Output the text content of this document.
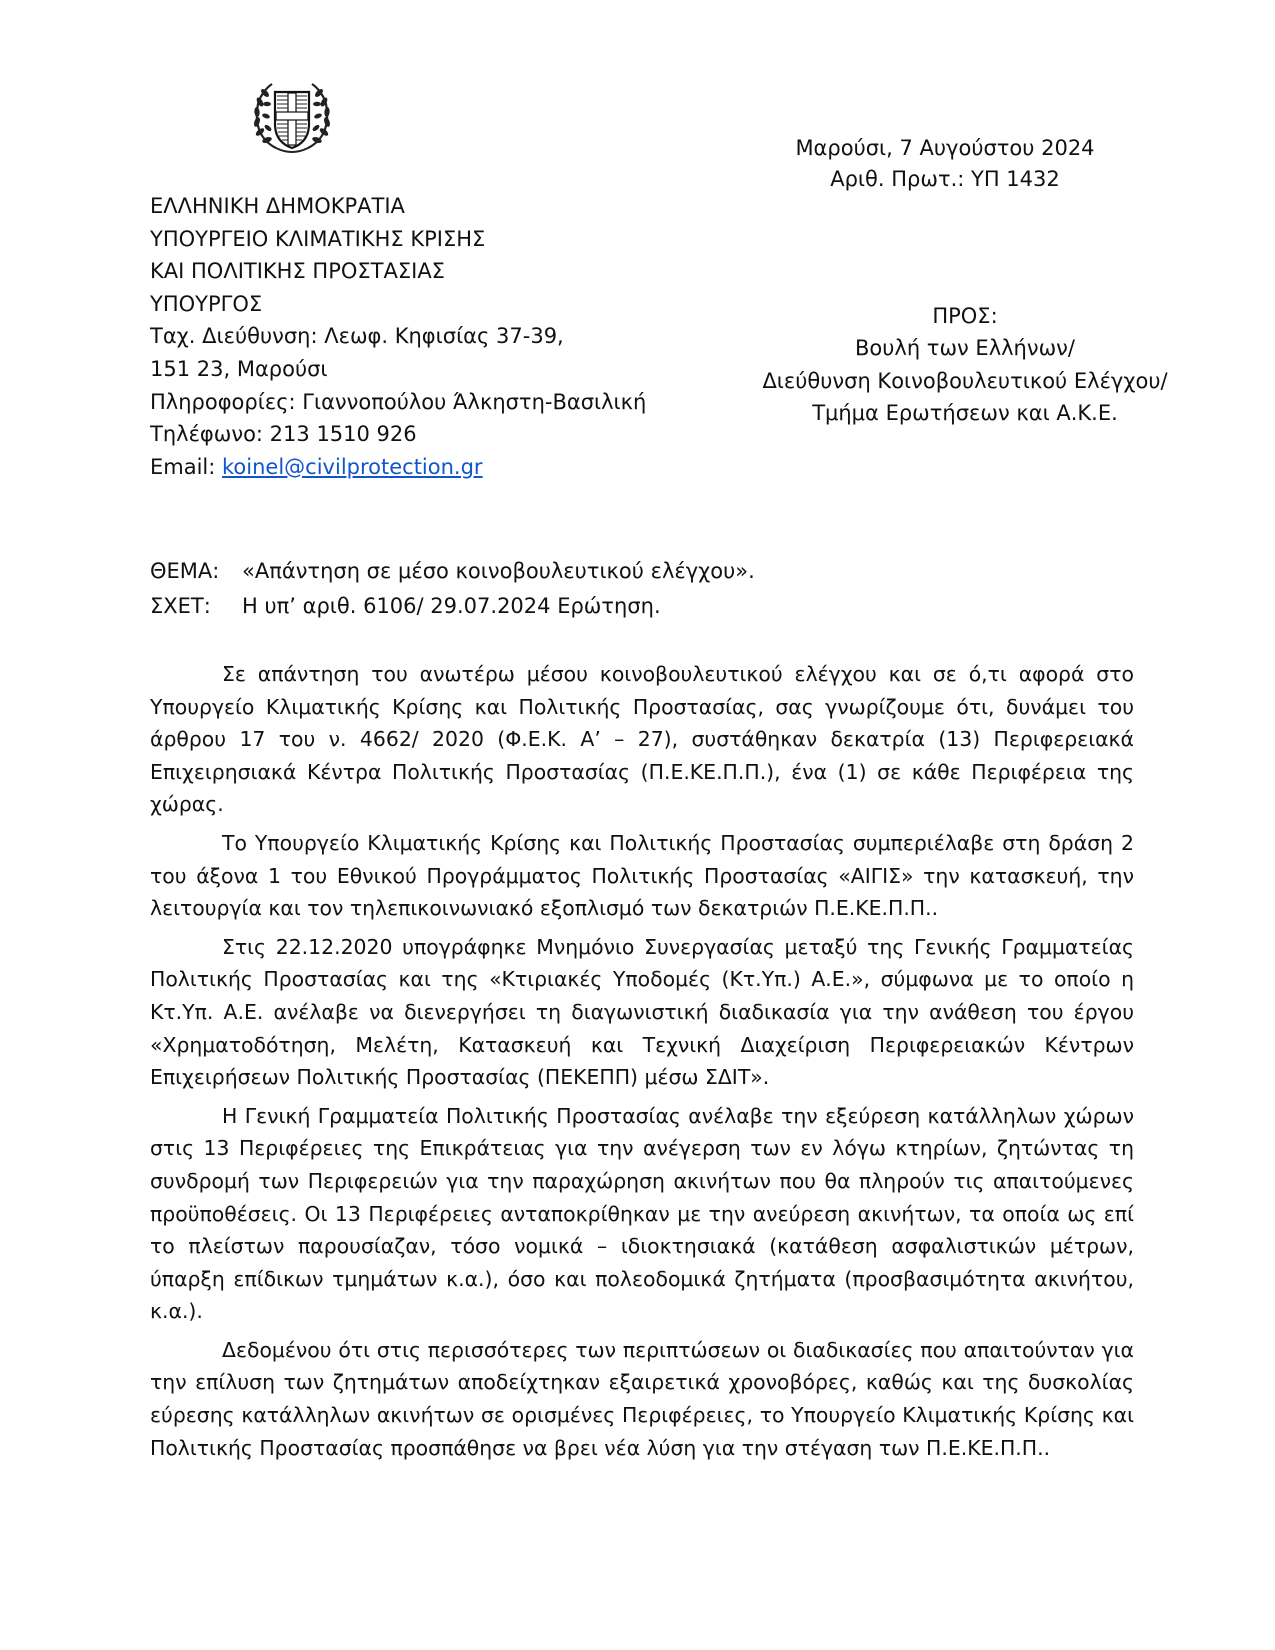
Μαρούσι, 7 Αυγούστου 2024
Αριθ. Πρωτ.: ΥΠ 1432
ΕΛΛΗΝΙΚΗ ΔΗΜΟΚΡΑΤΙΑ
ΥΠΟΥΡΓΕΙΟ ΚΛΙΜΑΤΙΚΗΣ ΚΡΙΣΗΣ
ΚΑΙ ΠΟΛΙΤΙΚΗΣ ΠΡΟΣΤΑΣΙΑΣ
ΥΠΟΥΡΓΟΣ
Ταχ. Διεύθυνση: Λεωφ. Κηφισίας 37-39,
151 23, Μαρούσι
Πληροφορίες: Γιαννοπούλου Άλκηστη-Βασιλική
Τηλέφωνο: 213 1510 926
Email: koinel@civilprotection.gr
ΠΡΟΣ:
Βουλή των Ελλήνων/
Διεύθυνση Κοινοβουλευτικού Ελέγχου/
Τμήμα Ερωτήσεων και Α.Κ.Ε.
ΘΕΜΑ: «Απάντηση σε μέσο κοινοβουλευτικού ελέγχου».
ΣΧΕΤ: Η υπ’ αριθ. 6106/ 29.07.2024 Ερώτηση.

Σε απάντηση του ανωτέρω μέσου κοινοβουλευτικού ελέγχου και σε ό,τι αφορά στο Υπουργείο Κλιματικής Κρίσης και Πολιτικής Προστασίας, σας γνωρίζουμε ότι, δυνάμει του άρθρου 17 του ν. 4662/ 2020 (Φ.Ε.Κ. Α’ – 27), συστάθηκαν δεκατρία (13) Περιφερειακά Επιχειρησιακά Κέντρα Πολιτικής Προστασίας (Π.Ε.ΚΕ.Π.Π.), ένα (1) σε κάθε Περιφέρεια της χώρας.

Το Υπουργείο Κλιματικής Κρίσης και Πολιτικής Προστασίας συμπεριέλαβε στη δράση 2 του άξονα 1 του Εθνικού Προγράμματος Πολιτικής Προστασίας «ΑΙΓΙΣ» την κατασκευή, την λειτουργία και τον τηλεπικοινωνιακό εξοπλισμό των δεκατριών Π.Ε.ΚΕ.Π.Π..

Στις 22.12.2020 υπογράφηκε Μνημόνιο Συνεργασίας μεταξύ της Γενικής Γραμματείας Πολιτικής Προστασίας και της «Κτιριακές Υποδομές (Κτ.Υπ.) Α.Ε.», σύμφωνα με το οποίο η Κτ.Υπ. Α.Ε. ανέλαβε να διενεργήσει τη διαγωνιστική διαδικασία για την ανάθεση του έργου «Χρηματοδότηση, Μελέτη, Κατασκευή και Τεχνική Διαχείριση Περιφερειακών Κέντρων Επιχειρήσεων Πολιτικής Προστασίας (ΠΕΚΕΠΠ) μέσω ΣΔΙΤ».

Η Γενική Γραμματεία Πολιτικής Προστασίας ανέλαβε την εξεύρεση κατάλληλων χώρων στις 13 Περιφέρειες της Επικράτειας για την ανέγερση των εν λόγω κτηρίων, ζητώντας τη συνδρομή των Περιφερειών για την παραχώρηση ακινήτων που θα πληρούν τις απαιτούμενες προϋποθέσεις. Οι 13 Περιφέρειες ανταποκρίθηκαν με την ανεύρεση ακινήτων, τα οποία ως επί το πλείστων παρουσίαζαν, τόσο νομικά – ιδιοκτησιακά (κατάθεση ασφαλιστικών μέτρων, ύπαρξη επίδικων τμημάτων κ.α.), όσο και πολεοδομικά ζητήματα (προσβασιμότητα ακινήτου, κ.α.).

Δεδομένου ότι στις περισσότερες των περιπτώσεων οι διαδικασίες που απαιτούνταν για την επίλυση των ζητημάτων αποδείχτηκαν εξαιρετικά χρονοβόρες, καθώς και της δυσκολίας εύρεσης κατάλληλων ακινήτων σε ορισμένες Περιφέρειες, το Υπουργείο Κλιματικής Κρίσης και Πολιτικής Προστασίας προσπάθησε να βρει νέα λύση για την στέγαση των Π.Ε.ΚΕ.Π.Π..
